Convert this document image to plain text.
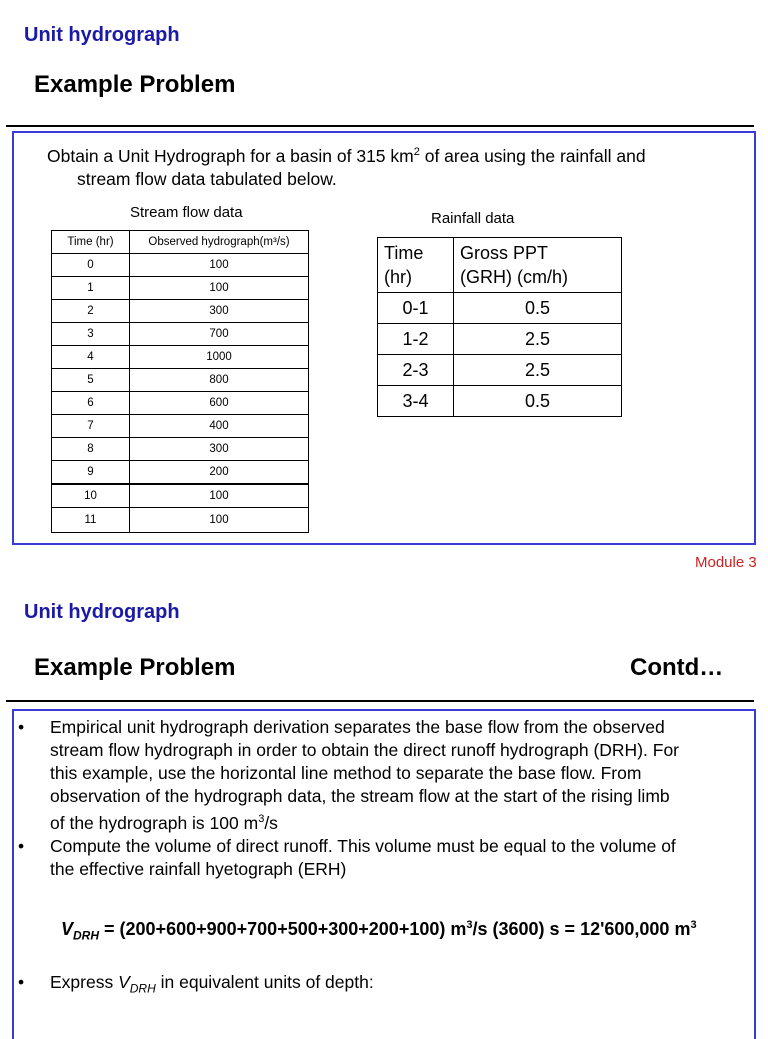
Unit hydrograph
Example Problem
Obtain a Unit Hydrograph for a basin of 315 $km^2$ of area using the rainfall and
stream flow data tabulated below.
Stream flow data
Time (hr)	Observed hydrograph(m³/s)
0	100
1	100
2	300
3	700
4	1000
5	800
6	600
7	400
8	300
9	200
10	100
11	100
Rainfall data
Time
(hr)	Gross PPT
(GRH) (cm/h)
0-1	0.5
1-2	2.5
2-3	2.5
3-4	0.5
Module 3
Unit hydrograph
Example Problem	Contd…
• Empirical unit hydrograph derivation separates the base flow from the observed
stream flow hydrograph in order to obtain the direct runoff hydrograph (DRH). For
this example, use the horizontal line method to separate the base flow. From
observation of the hydrograph data, the stream flow at the start of the rising limb
of the hydrograph is 100 $m^3/s$
• Compute the volume of direct runoff. This volume must be equal to the volume of
the effective rainfall hyetograph (ERH)
$V_{DRH} = (200+600+900+700+500+300+200+100)$ $m^3/s$ (3600) s = 12'600,000 $m^3$
• Express $V_{DRH}$ in equivalent units of depth:
